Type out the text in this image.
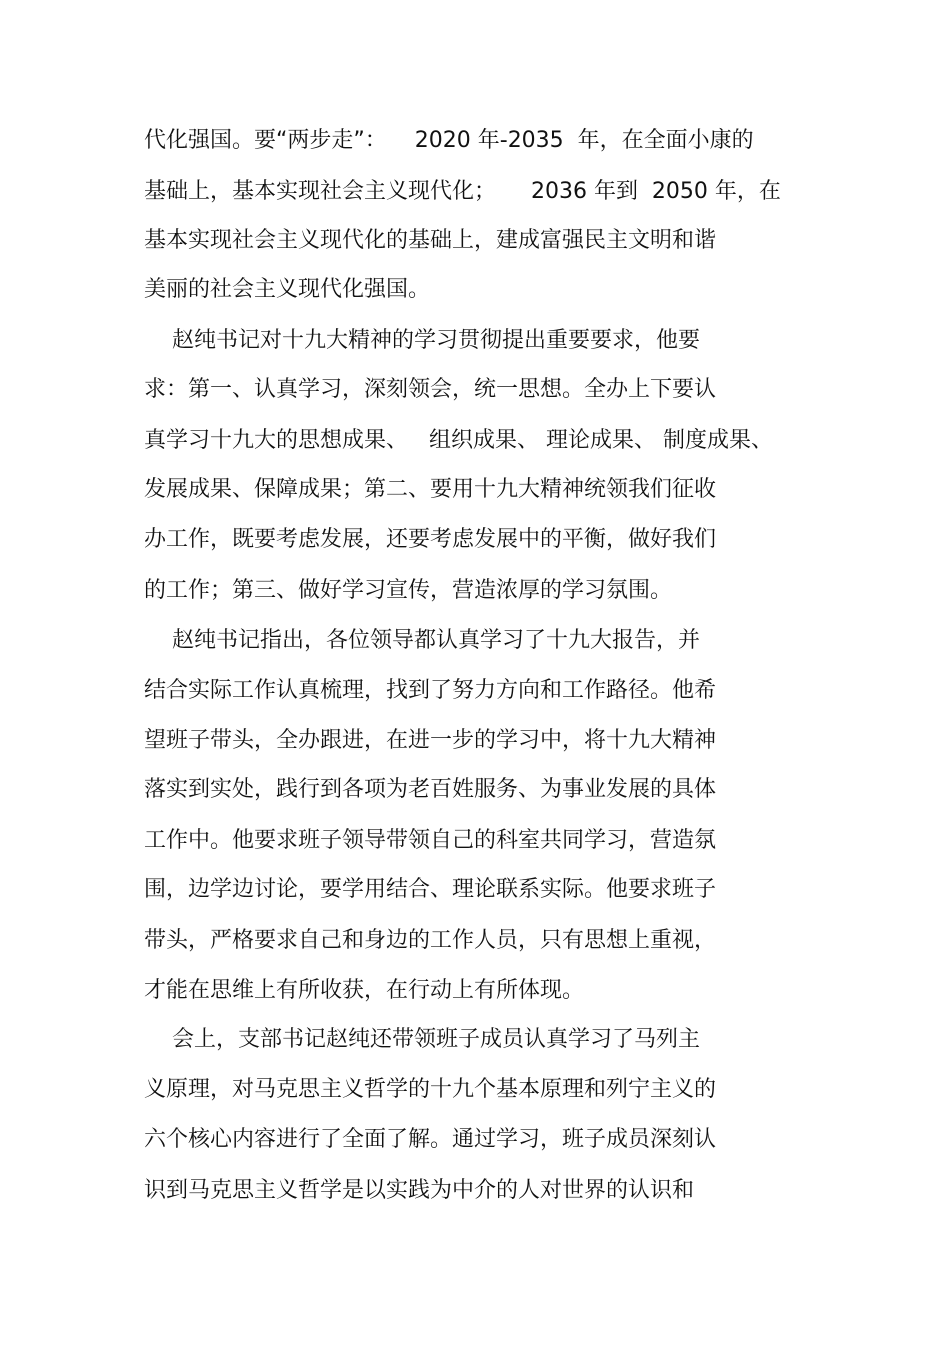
代化强国。要“两步走”：    2020 年-2035  年，在全面小康的

基础上，基本实现社会主义现代化；     2036 年到  2050 年，在

基本实现社会主义现代化的基础上，建成富强民主文明和谐

美丽的社会主义现代化强国。

赵纯书记对十九大精神的学习贯彻提出重要要求，他要

求：第一、认真学习，深刻领会，统一思想。全办上下要认

真学习十九大的思想成果、   组织成果、 理论成果、 制度成果、

发展成果、保障成果；第二、要用十九大精神统领我们征收

办工作，既要考虑发展，还要考虑发展中的平衡，做好我们

的工作；第三、做好学习宣传，营造浓厚的学习氛围。

赵纯书记指出，各位领导都认真学习了十九大报告，并

结合实际工作认真梳理，找到了努力方向和工作路径。他希

望班子带头，全办跟进，在进一步的学习中，将十九大精神

落实到实处，践行到各项为老百姓服务、为事业发展的具体

工作中。他要求班子领导带领自己的科室共同学习，营造氛

围，边学边讨论，要学用结合、理论联系实际。他要求班子

带头，严格要求自己和身边的工作人员，只有思想上重视，

才能在思维上有所收获，在行动上有所体现。

会上，支部书记赵纯还带领班子成员认真学习了马列主

义原理，对马克思主义哲学的十九个基本原理和列宁主义的

六个核心内容进行了全面了解。通过学习，班子成员深刻认

识到马克思主义哲学是以实践为中介的人对世界的认识和
